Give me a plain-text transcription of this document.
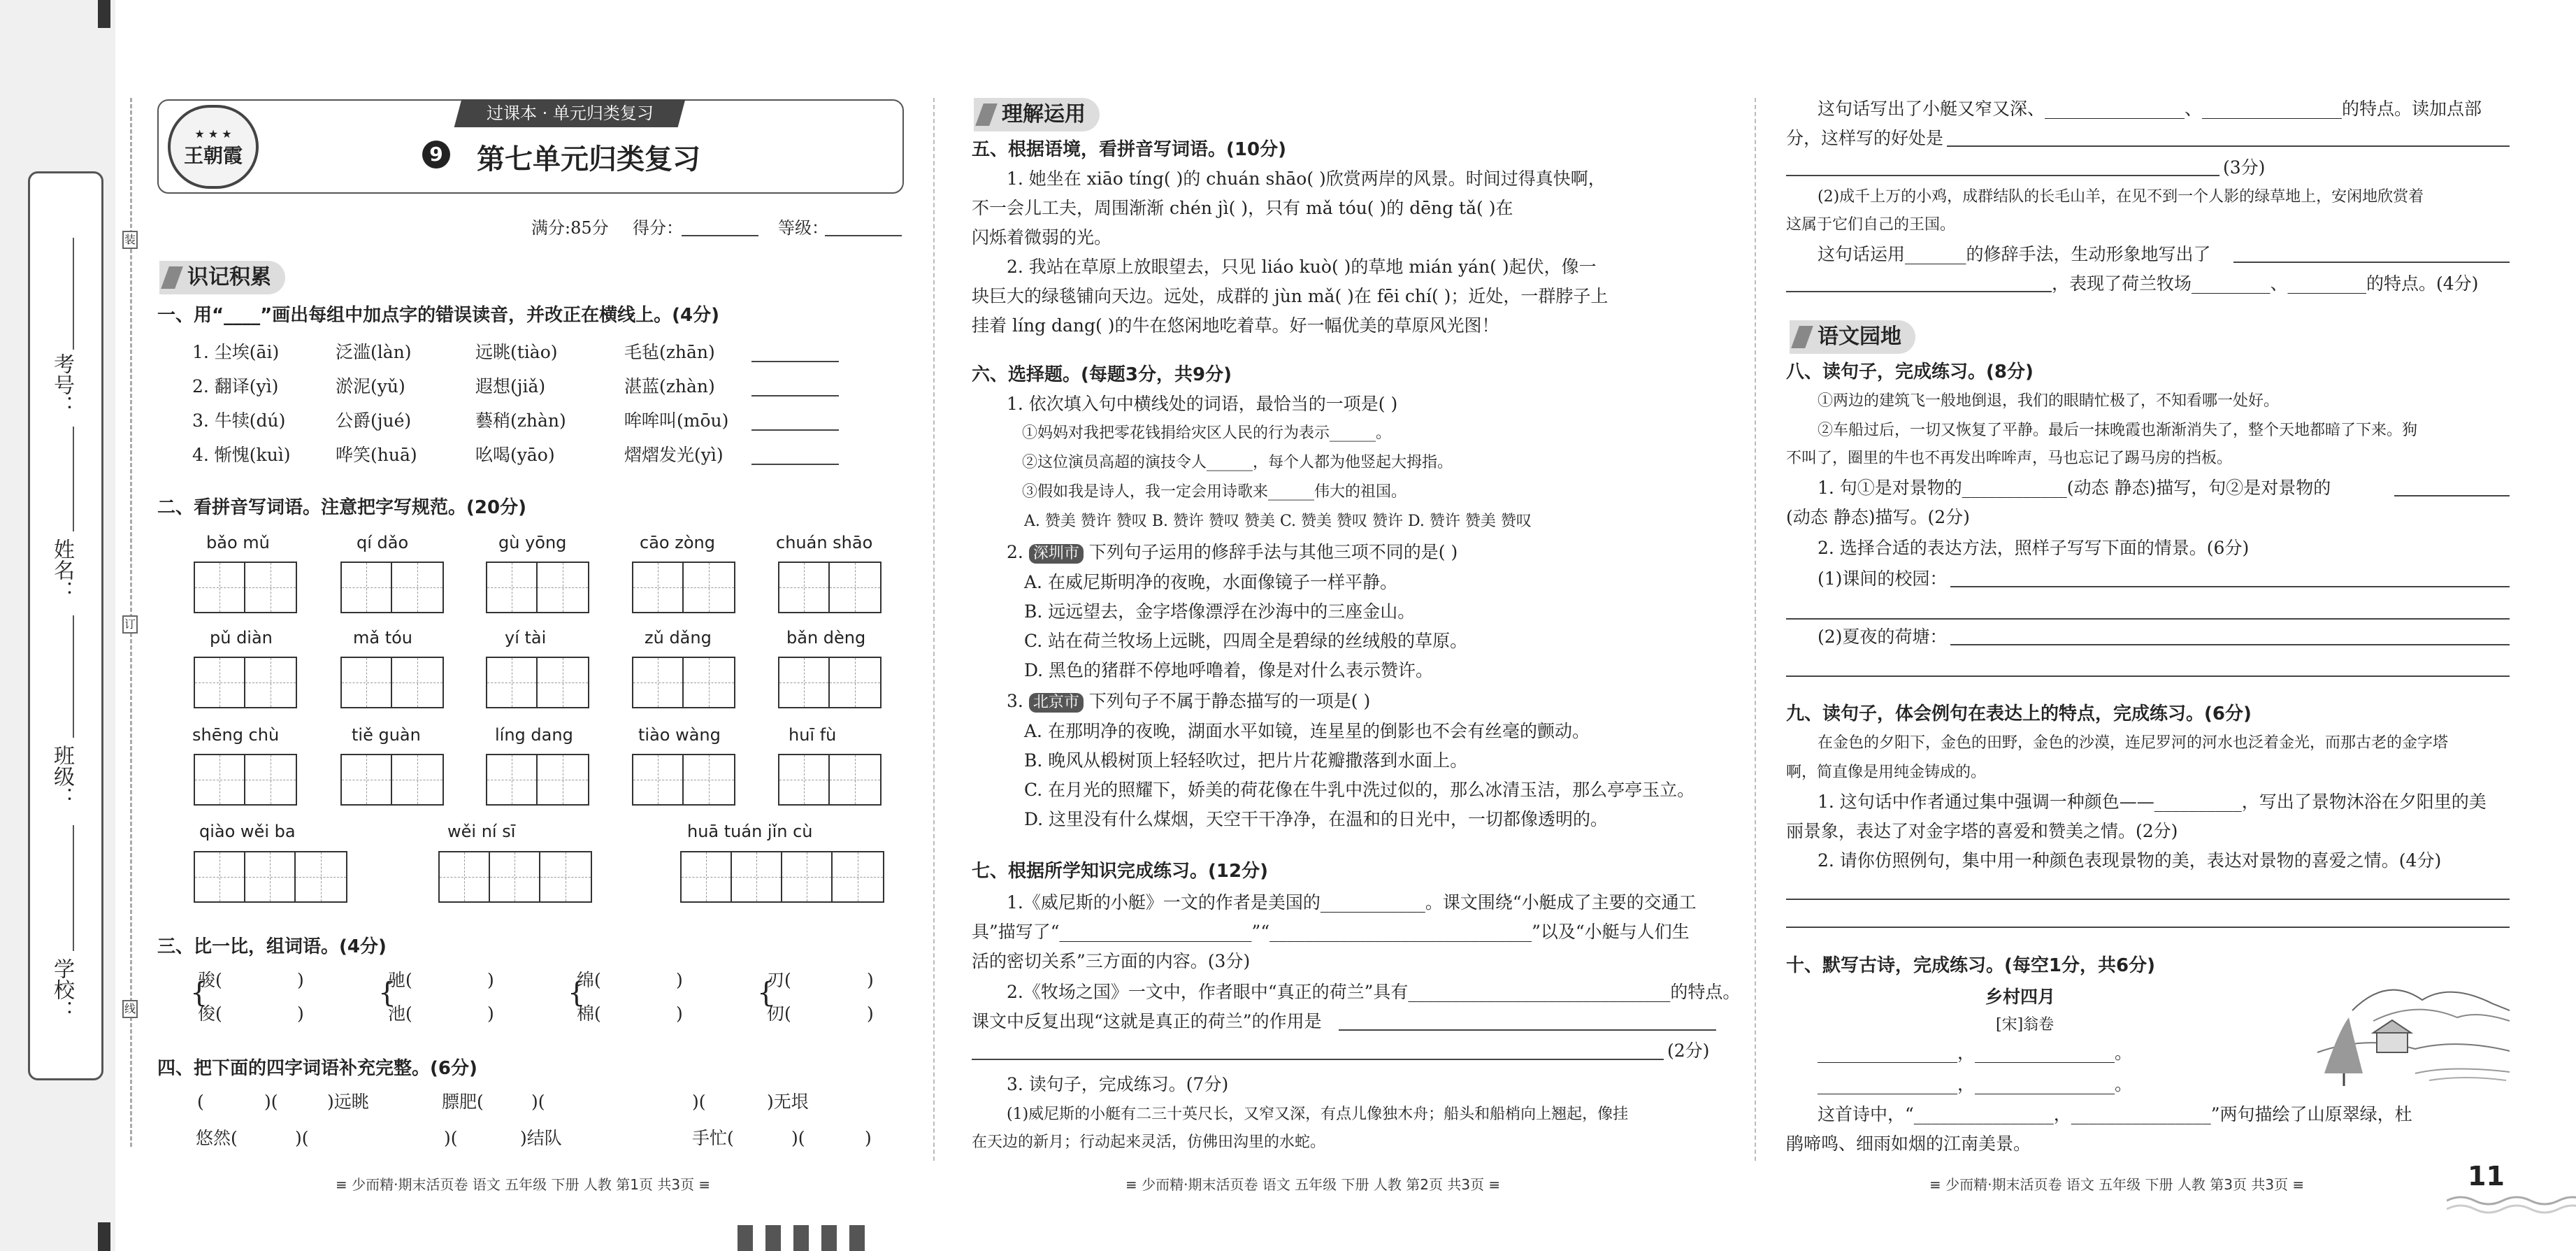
考号：
姓名：
班级：
学校：
装
订
线
★ ★ ★
王朝霞
过课本 · 单元归类复习
9 第七单元归类复习
满分:85分 得分：	等级：
识记积累
一、用“____”画出每组中加点字的错误读音，并改正在横线上。(4分)
1. 尘埃(āi)	泛滥(làn)	远眺(tiào)	毛毡(zhān)
2. 翻译(yì)	淤泥(yǔ)	遐想(jiǎ)	湛蓝(zhàn)
3. 牛犊(dú)	公爵(jué)	藝稍(zhàn)	哞哞叫(mōu)
4. 惭愧(kuì)	哗笑(huā)	吆喝(yāo)	熠熠发光(yì)
二、看拼音写词语。注意把字写规范。(20分)
bǎo mǔ	qí dǎo	gù yōng	cāo zòng	chuán shāo
pǔ diàn	mǎ tóu	yí tài	zǔ dǎng	bǎn dèng
shēng chù	tiě guàn	líng dang	tiào wàng	huī fù
qiào wěi ba	wěi ní sī	huā tuán jǐn cù
三、比一比，组词语。(4分)
{
骏(	)
俊(	)
{
驰(	)
池(	)
{
绵(	)
棉(	)
{
刃(	)
仞(	)
四、把下面的四字词语补充完整。(6分)
(	)(	)远眺	膘肥(	)(	)(	)无垠
悠然(	)(	)(	)结队	手忙(	)(	)
≡ 少而精·期末活页卷 语文 五年级 下册 人教 第1页 共3页 ≡
理解运用
五、根据语境，看拼音写词语。(10分)
1. 她坐在 xiāo tíng( )的 chuán shāo( )欣赏两岸的风景。时间过得真快啊，
不一会儿工夫，周围渐渐 chén jì( )，只有 mǎ tóu( )的 dēng tǎ( )在
闪烁着微弱的光。
2. 我站在草原上放眼望去，只见 liáo kuò( )的草地 mián yán( )起伏，像一
块巨大的绿毯铺向天边。远处，成群的 jùn mǎ( )在 fēi chí( )；近处，一群脖子上
挂着 líng dang( )的牛在悠闲地吃着草。好一幅优美的草原风光图！
六、选择题。(每题3分，共9分)
1. 依次填入句中横线处的词语，最恰当的一项是( )
①妈妈对我把零花钱捐给灾区人民的行为表示______。
②这位演员高超的演技令人______，每个人都为他竖起大拇指。
③假如我是诗人，我一定会用诗歌来______伟大的祖国。
A. 赞美 赞许 赞叹 B. 赞许 赞叹 赞美 C. 赞美 赞叹 赞许 D. 赞许 赞美 赞叹
2. 深圳市 下列句子运用的修辞手法与其他三项不同的是( )
A. 在威尼斯明净的夜晚，水面像镜子一样平静。
B. 远远望去，金字塔像漂浮在沙海中的三座金山。
C. 站在荷兰牧场上远眺，四周全是碧绿的丝绒般的草原。
D. 黑色的猪群不停地呼噜着，像是对什么表示赞许。
3. 北京市 下列句子不属于静态描写的一项是( )
A. 在那明净的夜晚，湖面水平如镜，连星星的倒影也不会有丝毫的颤动。
B. 晚风从椴树顶上轻轻吹过，把片片花瓣撒落到水面上。
C. 在月光的照耀下，娇美的荷花像在牛乳中洗过似的，那么冰清玉洁，那么亭亭玉立。
D. 这里没有什么煤烟，天空干干净净，在温和的日光中，一切都像透明的。
七、根据所学知识完成练习。(12分)
1.《威尼斯的小艇》一文的作者是美国的____________。课文围绕“小艇成了主要的交通工
具”描写了“______________________”“______________________________”以及“小艇与人们生
活的密切关系”三方面的内容。(3分)
2.《牧场之国》一文中，作者眼中“真正的荷兰”具有______________________________的特点。
课文中反复出现“这就是真正的荷兰”的作用是
(2分)
3. 读句子，完成练习。(7分)
(1)威尼斯的小艇有二三十英尺长，又窄又深，有点儿像独木舟；船头和船梢向上翘起，像挂
在天边的新月；行动起来灵活，仿佛田沟里的水蛇。
≡ 少而精·期末活页卷 语文 五年级 下册 人教 第2页 共3页 ≡
这句话写出了小艇又窄又深、________________、________________的特点。读加点部
分，这样写的好处是
(3分)
(2)成千上万的小鸡，成群结队的长毛山羊，在见不到一个人影的绿草地上，安闲地欣赏着
这属于它们自己的王国。
这句话运用_______的修辞手法，生动形象地写出了
，表现了荷兰牧场_________、_________的特点。(4分)
语文园地
八、读句子，完成练习。(8分)
①两边的建筑飞一般地倒退，我们的眼睛忙极了，不知看哪一处好。
②车船过后，一切又恢复了平静。最后一抹晚霞也渐渐消失了，整个天地都暗了下来。狗
不叫了，圈里的牛也不再发出哞哞声，马也忘记了踢马房的挡板。
1. 句①是对景物的____________(动态 静态)描写，句②是对景物的
(动态 静态)描写。(2分)
2. 选择合适的表达方法，照样子写写下面的情景。(6分)
(1)课间的校园：
(2)夏夜的荷塘：
九、读句子，体会例句在表达上的特点，完成练习。(6分)
在金色的夕阳下，金色的田野，金色的沙漠，连尼罗河的河水也泛着金光，而那古老的金字塔
啊，简直像是用纯金铸成的。
1. 这句话中作者通过集中强调一种颜色——__________，写出了景物沐浴在夕阳里的美
丽景象，表达了对金字塔的喜爱和赞美之情。(2分)
2. 请你仿照例句，集中用一种颜色表现景物的美，表达对景物的喜爱之情。(4分)
十、默写古诗，完成练习。(每空1分，共6分)
乡村四月
[宋]翁卷
________________，________________。
________________，________________。
这首诗中，“________________，________________”两句描绘了山原翠绿，杜
鹃啼鸣、细雨如烟的江南美景。
≡ 少而精·期末活页卷 语文 五年级 下册 人教 第3页 共3页 ≡	11
